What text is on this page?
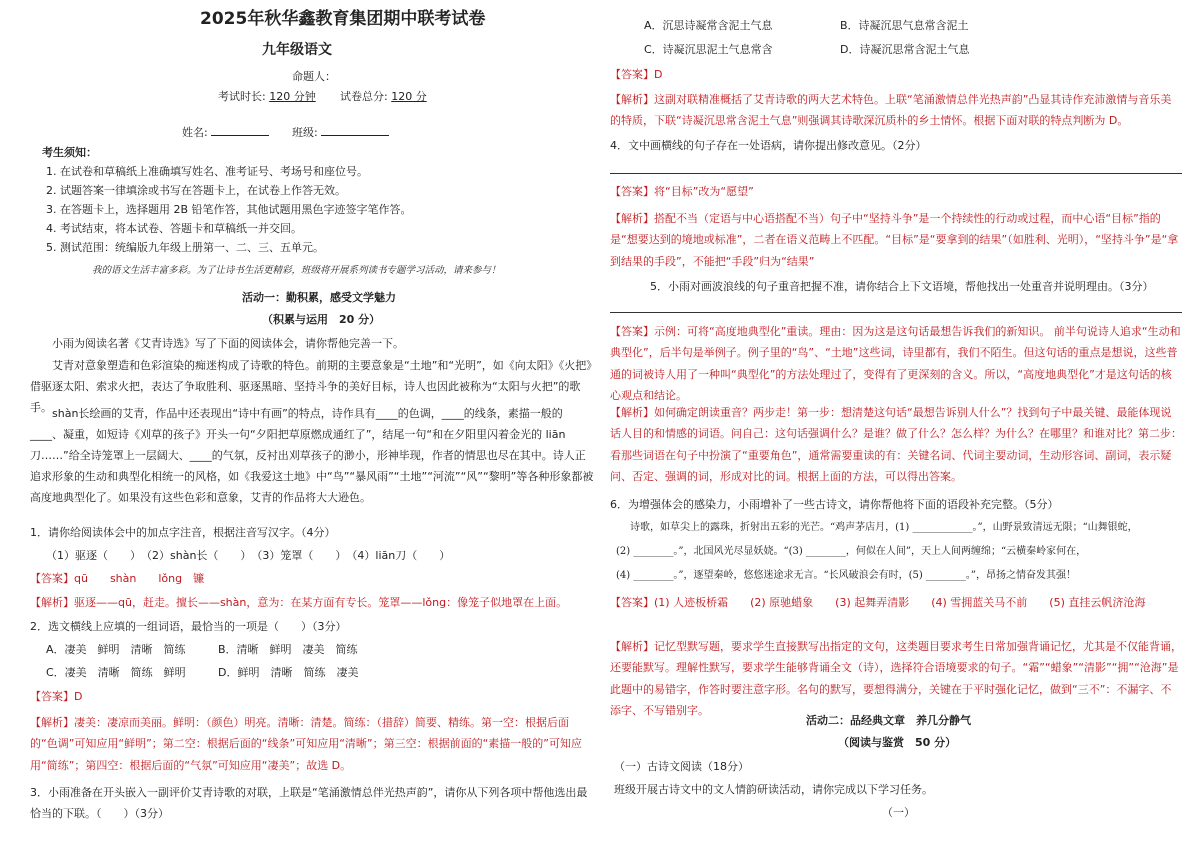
2025年秋华鑫教育集团期中联考试卷
九年级语文
命题人：
考试时长: 120 分钟 试卷总分: 120 分
姓名:	班级:
考生须知：
1. 在试卷和草稿纸上准确填写姓名、准考证号、考场号和座位号。
2. 试题答案一律填涂或书写在答题卡上，在试卷上作答无效。
3. 在答题卡上，选择题用 2B 铅笔作答，其他试题用黑色字迹签字笔作答。
4. 考试结束，将本试卷、答题卡和草稿纸一并交回。
5. 测试范围：统编版九年级上册第一、二、三、五单元。
我的语文生活丰富多彩。为了让诗书生活更精彩，班级将开展系列读书专题学习活动，请来参与！
活动一：勤积累，感受文学魅力
（积累与运用　20 分）
小雨为阅读名著《艾青诗选》写了下面的阅读体会，请你帮他完善一下。
艾青对意象塑造和色彩渲染的痴迷构成了诗歌的特色。前期的主要意象是“土地”和“光明”，如《向太阳》《火把》借驱逐太阳、索求火把，表达了争取胜利、驱逐黑暗、坚持斗争的美好目标，诗人也因此被称为“太阳与火把”的歌手。 shàn长绘画的艾青，作品中还表现出“诗中有画”的特点，诗作具有____的色调，____的线条，素描一般的____、凝重，如短诗《刈草的孩子》开头一句“夕阳把草原燃成通红了”，结尾一句“和在夕阳里闪着金光的 liān刀……”给全诗笼罩上一层阔大、____的气氛，反衬出刈草孩子的渺小，形神毕现，作者的情思也尽在其中。诗人正追求形象的生动和典型化相统一的风格，如《我爱这土地》中“鸟”“暴风雨”“土地”“河流”“风”“黎明”等各种形象都被高度地典型化了。如果没有这些色彩和意象，艾青的作品将大大逊色。
1．请你给阅读体会中的加点字注音，根据注音写汉字。（4分）
（1）驱逐（　　）　（2）shàn长（　　）　（3）笼罩（　　）　（4）liān刀（　　）
【答案】qū　　shàn　　lǒng　镰
【解析】驱逐——qū，赶走。擅长——shàn，意为：在某方面有专长。笼罩——lǒng：像笼子似地罩在上面。
2．选文横线上应填的一组词语，最恰当的一项是（　　）（3分）
A．凄美　鲜明　清晰　简练	B．清晰　鲜明　凄美　简练
C．凄美　清晰　简练　鲜明	D．鲜明　清晰　简练　凄美
【答案】D
【解析】凄美：凄凉而美丽。鲜明：（颜色）明亮。清晰：清楚。简练：（措辞）简要、精练。第一空：根据后面的“色调”可知应用“鲜明”；第二空：根据后面的“线条”可知应用“清晰”；第三空：根据前面的“素描一般的”可知应用“简练”；第四空：根据后面的“气氛”可知应用“凄美”；故选 D。
3．小雨准备在开头嵌入一副评价艾青诗歌的对联，上联是“笔涌激情总伴光热声韵”，请你从下列各项中帮他选出最恰当的下联。（　　）（3分）
A．沉思诗凝常含泥土气息	B．诗凝沉思气息常含泥土
C．诗凝沉思泥土气息常含	D．诗凝沉思常含泥土气息
【答案】D
【解析】这副对联精准概括了艾青诗歌的两大艺术特色。上联“笔涌激情总伴光热声韵”凸显其诗作充沛激情与音乐美的特质，下联“诗凝沉思常含泥土气息”则强调其诗歌深沉质朴的乡土情怀。根据下面对联的特点判断为 D。
4．文中画横线的句子存在一处语病，请你提出修改意见。（2分）
【答案】将“目标”改为“愿望”
【解析】搭配不当（定语与中心语搭配不当）句子中“坚持斗争”是一个持续性的行动或过程，而中心语“目标”指的是“想要达到的境地或标准”，二者在语义范畴上不匹配。“目标”是“要拿到的结果”（如胜利、光明），“坚持斗争”是“拿到结果的手段”，不能把“手段”归为“结果”
5．小雨对画波浪线的句子重音把握不准，请你结合上下文语境，帮他找出一处重音并说明理由。（3分）
【答案】示例：可将“高度地典型化”重读。理由：因为这是这句话最想告诉我们的新知识。 前半句说诗人追求“生动和典型化”，后半句是举例子。例子里的“鸟”、“土地”这些词，诗里都有，我们不陌生。但这句话的重点是想说，这些普通的词被诗人用了一种叫“典型化”的方法处理过了，变得有了更深刻的含义。所以，“高度地典型化”才是这句话的核心观点和结论。
【解析】如何确定朗读重音？两步走！第一步：想清楚这句话“最想告诉别人什么”？找到句子中最关键、最能体现说话人目的和情感的词语。问自己：这句话强调什么？是谁？做了什么？怎么样？为什么？在哪里？和谁对比？第二步：看那些词语在句子中扮演了“重要角色”，通常需要重读的有：关键名词、代词主要动词，生动形容词、副词，表示疑问、否定、强调的词，形成对比的词。根据上面的方法，可以得出答案。
6．为增强体会的感染力，小雨增补了一些古诗文，请你帮他将下面的语段补充完整。（5分）
诗歌，如草尖上的露珠，折射出五彩的光芒。“鸡声茅店月，(1) ____________。”，山野景致清远无限；“山舞银蛇，
(2) ________。”，北国风光尽显妖娆。“(3) ________，何似在人间”，天上人间两缠绵；“云横秦岭家何在，
(4) ________。”，逐望秦岭，悠悠迷途求无言。“长风破浪会有时，(5) ________。”，昂扬之情奋发其强！
【答案】(1) 人迹板桥霜　　(2) 原驰蜡象　　(3) 起舞弄清影　　(4) 雪拥蓝关马不前　　(5) 直挂云帆济沧海
【解析】记忆型默写题，要求学生直接默写出指定的文句，这类题目要求考生日常加强背诵记忆，尤其是不仅能背诵，还要能默写。理解性默写，要求学生能够背诵全文（诗），选择符合语境要求的句子。“霜”“蜡象”“清影”“拥”“沧海”是此题中的易错字，作答时要注意字形。名句的默写，要想得满分，关键在于平时强化记忆，做到“三不”：不漏字、不添字、不写错别字。
活动二：品经典文章　养几分静气
（阅读与鉴赏　50 分）
（一）古诗文阅读（18分）
班级开展古诗文中的文人情韵研读活动，请你完成以下学习任务。
（一）
